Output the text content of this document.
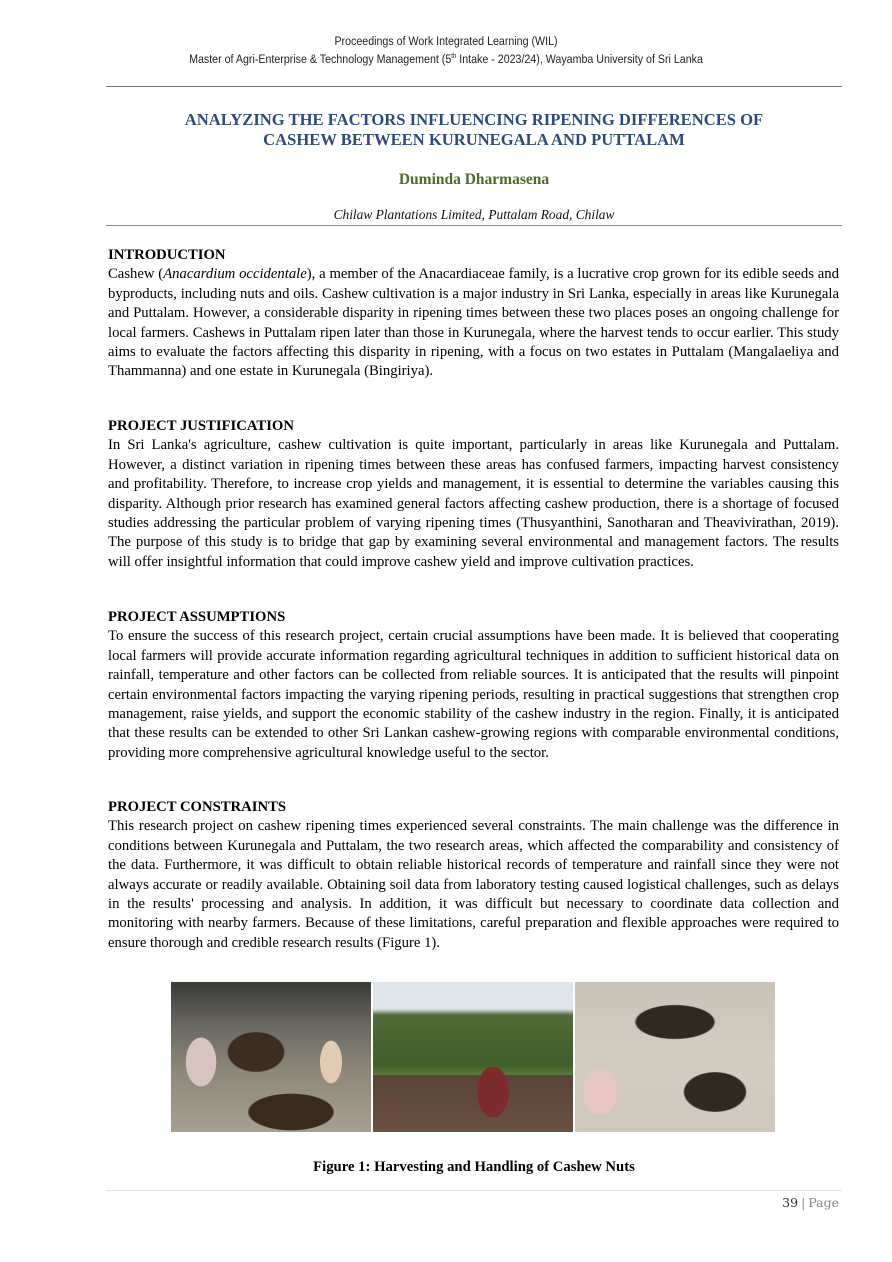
Proceedings of Work Integrated Learning (WIL)
Master of Agri-Enterprise & Technology Management (5th Intake - 2023/24), Wayamba University of Sri Lanka
ANALYZING THE FACTORS INFLUENCING RIPENING DIFFERENCES OF
CASHEW BETWEEN KURUNEGALA AND PUTTALAM
Duminda Dharmasena
Chilaw Plantations Limited, Puttalam Road, Chilaw
INTRODUCTION

Cashew (Anacardium occidentale), a member of the Anacardiaceae family, is a lucrative crop grown for its edible seeds and byproducts, including nuts and oils. Cashew cultivation is a major industry in Sri Lanka, especially in areas like Kurunegala and Puttalam. However, a considerable disparity in ripening times between these two places poses an ongoing challenge for local farmers. Cashews in Puttalam ripen later than those in Kurunegala, where the harvest tends to occur earlier. This study aims to evaluate the factors affecting this disparity in ripening, with a focus on two estates in Puttalam (Mangalaeliya and Thammanna) and one estate in Kurunegala (Bingiriya).

PROJECT JUSTIFICATION

In Sri Lanka's agriculture, cashew cultivation is quite important, particularly in areas like Kurunegala and Puttalam. However, a distinct variation in ripening times between these areas has confused farmers, impacting harvest consistency and profitability. Therefore, to increase crop yields and management, it is essential to determine the variables causing this disparity. Although prior research has examined general factors affecting cashew production, there is a shortage of focused studies addressing the particular problem of varying ripening times (Thusyanthini, Sanotharan and Theavivirathan, 2019). The purpose of this study is to bridge that gap by examining several environmental and management factors. The results will offer insightful information that could improve cashew yield and improve cultivation practices.

PROJECT ASSUMPTIONS

To ensure the success of this research project, certain crucial assumptions have been made. It is believed that cooperating local farmers will provide accurate information regarding agricultural techniques in addition to sufficient historical data on rainfall, temperature and other factors can be collected from reliable sources. It is anticipated that the results will pinpoint certain environmental factors impacting the varying ripening periods, resulting in practical suggestions that strengthen crop management, raise yields, and support the economic stability of the cashew industry in the region. Finally, it is anticipated that these results can be extended to other Sri Lankan cashew-growing regions with comparable environmental conditions, providing more comprehensive agricultural knowledge useful to the sector.

PROJECT CONSTRAINTS

This research project on cashew ripening times experienced several constraints. The main challenge was the difference in conditions between Kurunegala and Puttalam, the two research areas, which affected the comparability and consistency of the data. Furthermore, it was difficult to obtain reliable historical records of temperature and rainfall since they were not always accurate or readily available. Obtaining soil data from laboratory testing caused logistical challenges, such as delays in the results' processing and analysis. In addition, it was difficult but necessary to coordinate data collection and monitoring with nearby farmers. Because of these limitations, careful preparation and flexible approaches were required to ensure thorough and credible research results (Figure 1).

Figure 1: Harvesting and Handling of Cashew Nuts
39 | Page
